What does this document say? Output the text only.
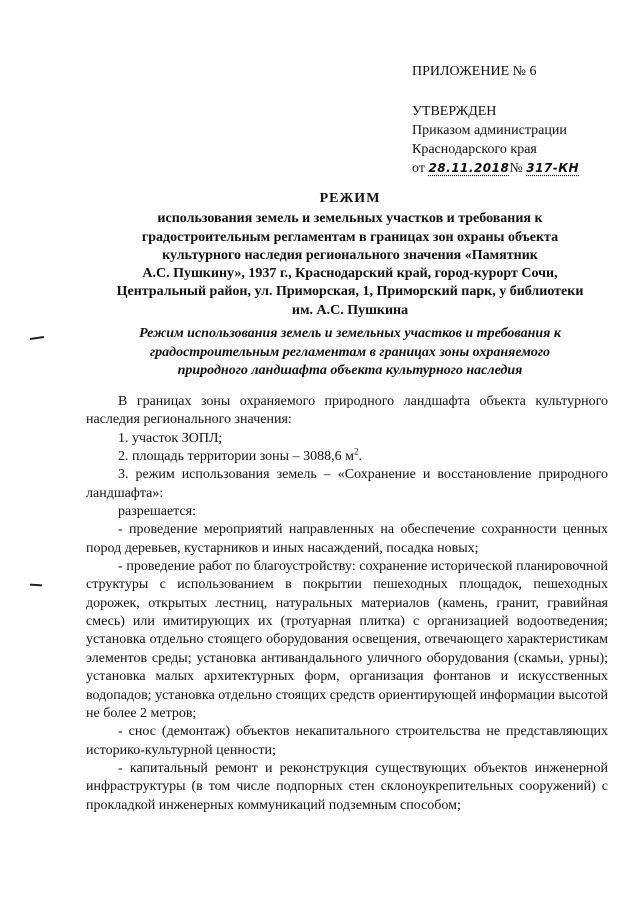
ПРИЛОЖЕНИЕ № 6
УТВЕРЖДЕН
Приказом администрации
Краснодарского края
от 28.11.2018№ 317-КН
РЕЖИМ
использования земель и земельных участков и требования к
градостроительным регламентам в границах зон охраны объекта
культурного наследия регионального значения «Памятник
А.С. Пушкину», 1937 г., Краснодарский край, город-курорт Сочи,
Центральный район, ул. Приморская, 1, Приморский парк, у библиотеки
им. А.С. Пушкина
Режим использования земель и земельных участков и требования к
градостроительным регламентам в границах зоны охраняемого
природного ландшафта объекта культурного наследия

В границах зоны охраняемого природного ландшафта объекта культурного наследия регионального значения:

1. участок ЗОПЛ;

2. площадь территории зоны – 3088,6 $м^2$.

3. режим использования земель – «Сохранение и восстановление природного ландшафта»:

разрешается:

- проведение мероприятий направленных на обеспечение сохранности ценных пород деревьев, кустарников и иных насаждений, посадка новых;

- проведение работ по благоустройству: сохранение исторической планировочной структуры с использованием в покрытии пешеходных площадок, пешеходных дорожек, открытых лестниц, натуральных материалов (камень, гранит, гравийная смесь) или имитирующих их (тротуарная плитка) с организацией водоотведения; установка отдельно стоящего оборудования освещения, отвечающего характеристикам элементов среды; установка антивандального уличного оборудования (скамьи, урны); установка малых архитектурных форм, организация фонтанов и искусственных водопадов; установка отдельно стоящих средств ориентирующей информации высотой не более 2 метров;

- снос (демонтаж) объектов некапитального строительства не представляющих историко-культурной ценности;

- капитальный ремонт и реконструкция существующих объектов инженерной инфраструктуры (в том числе подпорных стен склоноукрепительных сооружений) с прокладкой инженерных коммуникаций подземным способом;
